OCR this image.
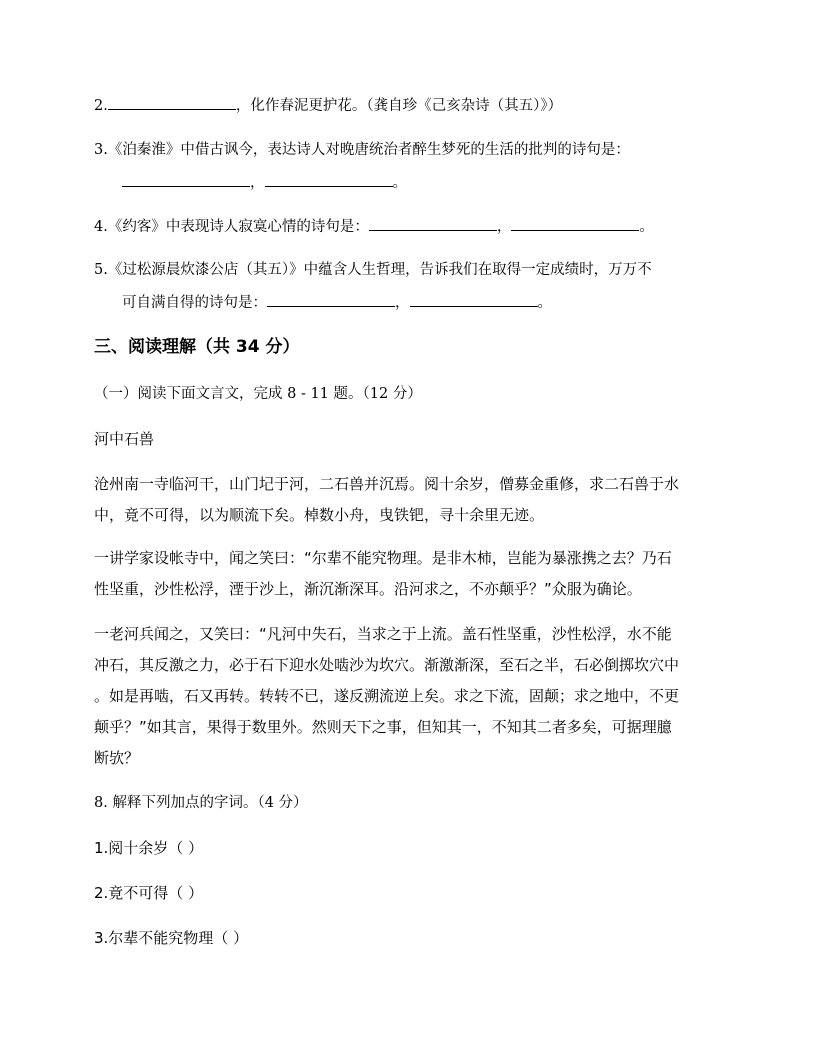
2.	，化作春泥更护花。（龚自珍《己亥杂诗（其五）》）
3.《泊秦淮》中借古讽今，表达诗人对晚唐统治者醉生梦死的生活的批判的诗句是：
，	。
4.《约客》中表现诗人寂寞心情的诗句是：	，	。
5.《过松源晨炊漆公店（其五）》中蕴含人生哲理，告诉我们在取得一定成绩时，万万不
可自满自得的诗句是：	，	。
三、阅读理解（共 34 分）
（一）阅读下面文言文，完成 8 - 11 题。（12 分）
河中石兽
沧州南一寺临河干，山门圮于河，二石兽并沉焉。阅十余岁，僧募金重修，求二石兽于水
中，竟不可得，以为顺流下矣。棹数小舟，曳铁钯，寻十余里无迹。
一讲学家设帐寺中，闻之笑曰：“尔辈不能究物理。是非木柿，岂能为暴涨携之去？乃石
性坚重，沙性松浮，湮于沙上，渐沉渐深耳。沿河求之，不亦颠乎？”众服为确论。
一老河兵闻之，又笑曰：“凡河中失石，当求之于上流。盖石性坚重，沙性松浮，水不能
冲石，其反激之力，必于石下迎水处啮沙为坎穴。渐激渐深，至石之半，石必倒掷坎穴中
。如是再啮，石又再转。转转不已，遂反溯流逆上矣。求之下流，固颠；求之地中，不更
颠乎？”如其言，果得于数里外。然则天下之事，但知其一，不知其二者多矣，可据理臆
断欤？
8. 解释下列加点的字词。（4 分）
1.阅十余岁（ ）
2.竟不可得（ ）
3.尔辈不能究物理（ ）
